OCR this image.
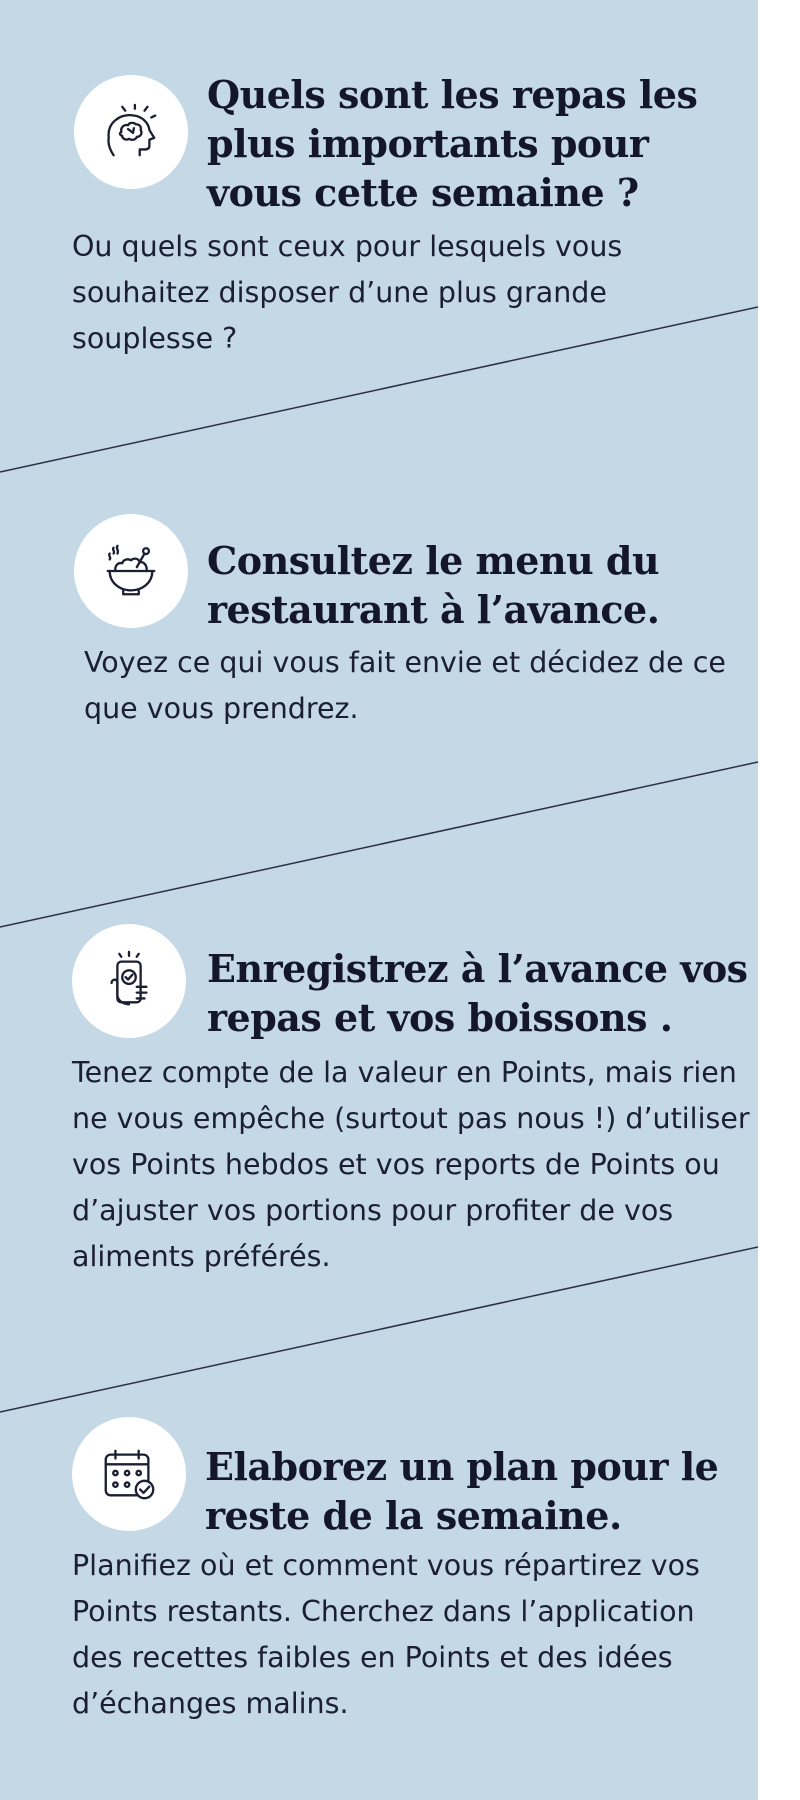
Quels sont les repas les plus importants pour vous cette semaine ?

Ou quels sont ceux pour lesquels vous souhaitez disposer d’une plus grande souplesse ?

Consultez le menu du restaurant à l’avance.

Voyez ce qui vous fait envie et décidez de ce que vous prendrez.

Enregistrez à l’avance vos repas et vos boissons .

Tenez compte de la valeur en Points, mais rien ne vous empêche (surtout pas nous !) d’utiliser vos Points hebdos et vos reports de Points ou d’ajuster vos portions pour profiter de vos aliments préférés.

Elaborez un plan pour le reste de la semaine.

Planifiez où et comment vous répartirez vos Points restants. Cherchez dans l’application des recettes faibles en Points et des idées d’échanges malins.
